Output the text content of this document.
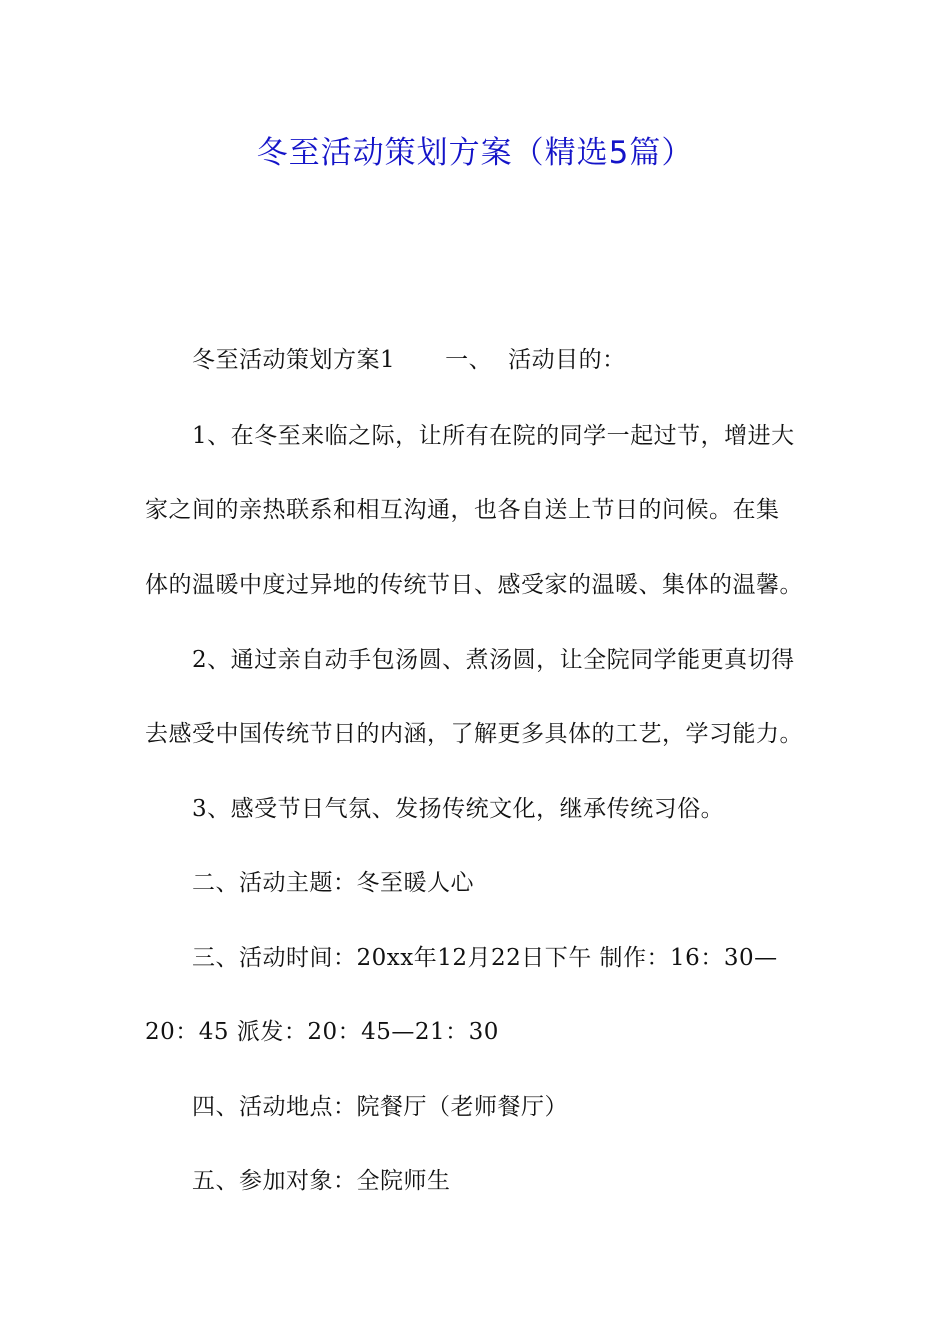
冬至活动策划方案（精选5篇）
冬至活动策划方案1 一、 活动目的：
1、在冬至来临之际，让所有在院的同学一起过节，增进大
家之间的亲热联系和相互沟通，也各自送上节日的问候。在集
体的温暖中度过异地的传统节日、感受家的温暖、集体的温馨。
2、通过亲自动手包汤圆、煮汤圆，让全院同学能更真切得
去感受中国传统节日的内涵，了解更多具体的工艺，学习能力。
3、感受节日气氛、发扬传统文化，继承传统习俗。
二、活动主题：冬至暖人心
三、活动时间：20xx年12月22日下午 制作：16：30—
20：45 派发：20：45—21：30
四、活动地点：院餐厅（老师餐厅）
五、参加对象：全院师生
